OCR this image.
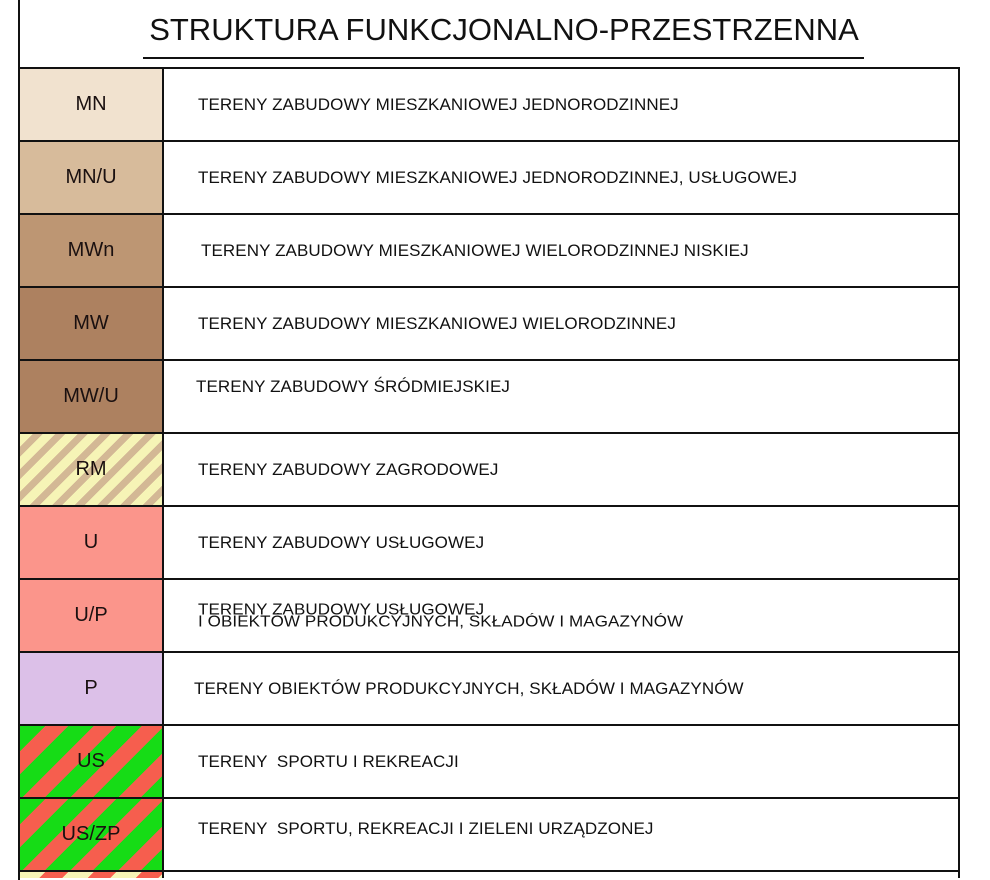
STRUKTURA FUNKCJONALNO-PRZESTRZENNA
MN	TERENY ZABUDOWY MIESZKANIOWEJ JEDNORODZINNEJ
MN/U	TERENY ZABUDOWY MIESZKANIOWEJ JEDNORODZINNEJ, USŁUGOWEJ
MWn	TERENY ZABUDOWY MIESZKANIOWEJ WIELORODZINNEJ NISKIEJ
MW	TERENY ZABUDOWY MIESZKANIOWEJ WIELORODZINNEJ
MW/U	TERENY ZABUDOWY ŚRÓDMIEJSKIEJ
RM	TERENY ZABUDOWY ZAGRODOWEJ
U	TERENY ZABUDOWY USŁUGOWEJ
U/P	TERENY ZABUDOWY USŁUGOWEJ
I OBIEKTÓW PRODUKCYJNYCH, SKŁADÓW I MAGAZYNÓW
P	TERENY OBIEKTÓW PRODUKCYJNYCH, SKŁADÓW I MAGAZYNÓW
US	TERENY  SPORTU I REKREACJI
US/ZP	TERENY  SPORTU, REKREACJI I ZIELENI URZĄDZONEJ
